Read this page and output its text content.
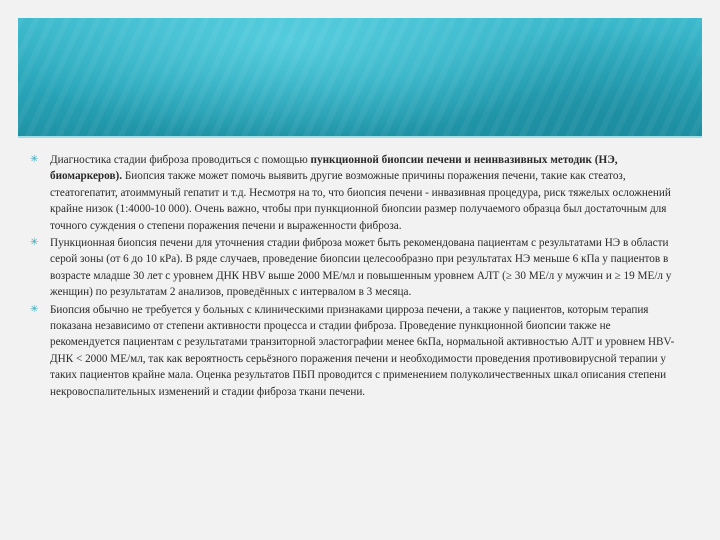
✳ Диагностика стадии фиброза проводиться с помощью пункционной биопсии печени и неинвазивных методик (НЭ, биомаркеров). Биопсия также может помочь выявить другие возможные причины поражения печени, такие как стеатоз, стеатогепатит, атоиммуный гепатит и т.д. Несмотря на то, что биопсия печени - инвазивная процедура, риск тяжелых осложнений крайне низок (1:4000-10 000). Очень важно, чтобы при пункционной биопсии размер получаемого образца был достаточным для точного суждения о степени поражения печени и выраженности фиброза.

✳ Пункционная биопсия печени для уточнения стадии фиброза может быть рекомендована пациентам с результатами НЭ в области серой зоны (от 6 до 10 кРа). В ряде случаев, проведение биопсии целесообразно при результатах НЭ меньше 6 кПа у пациентов в возрасте младше 30 лет с уровнем ДНК HBV выше 2000 МЕ/мл и повышенным уровнем АЛТ (≥ 30 МЕ/л у мужчин и ≥ 19 МЕ/л у женщин) по результатам 2 анализов, проведённых с интервалом в 3 месяца.

✳ Биопсия обычно не требуется у больных с клиническими признаками цирроза печени, а также у пациентов, которым терапия показана независимо от степени активности процесса и стадии фиброза. Проведение пункционной биопсии также не рекомендуется пациентам с результатами транзиторной эластографии менее 6кПа, нормальной активностью АЛТ и уровнем HBV-ДНК < 2000 МЕ/мл, так как вероятность серьёзного поражения печени и необходимости проведения противовирусной терапии у таких пациентов крайне мала. Оценка результатов ПБП проводится с применением полуколичественных шкал описания степени некровоспалительных изменений и стадии фиброза ткани печени.
